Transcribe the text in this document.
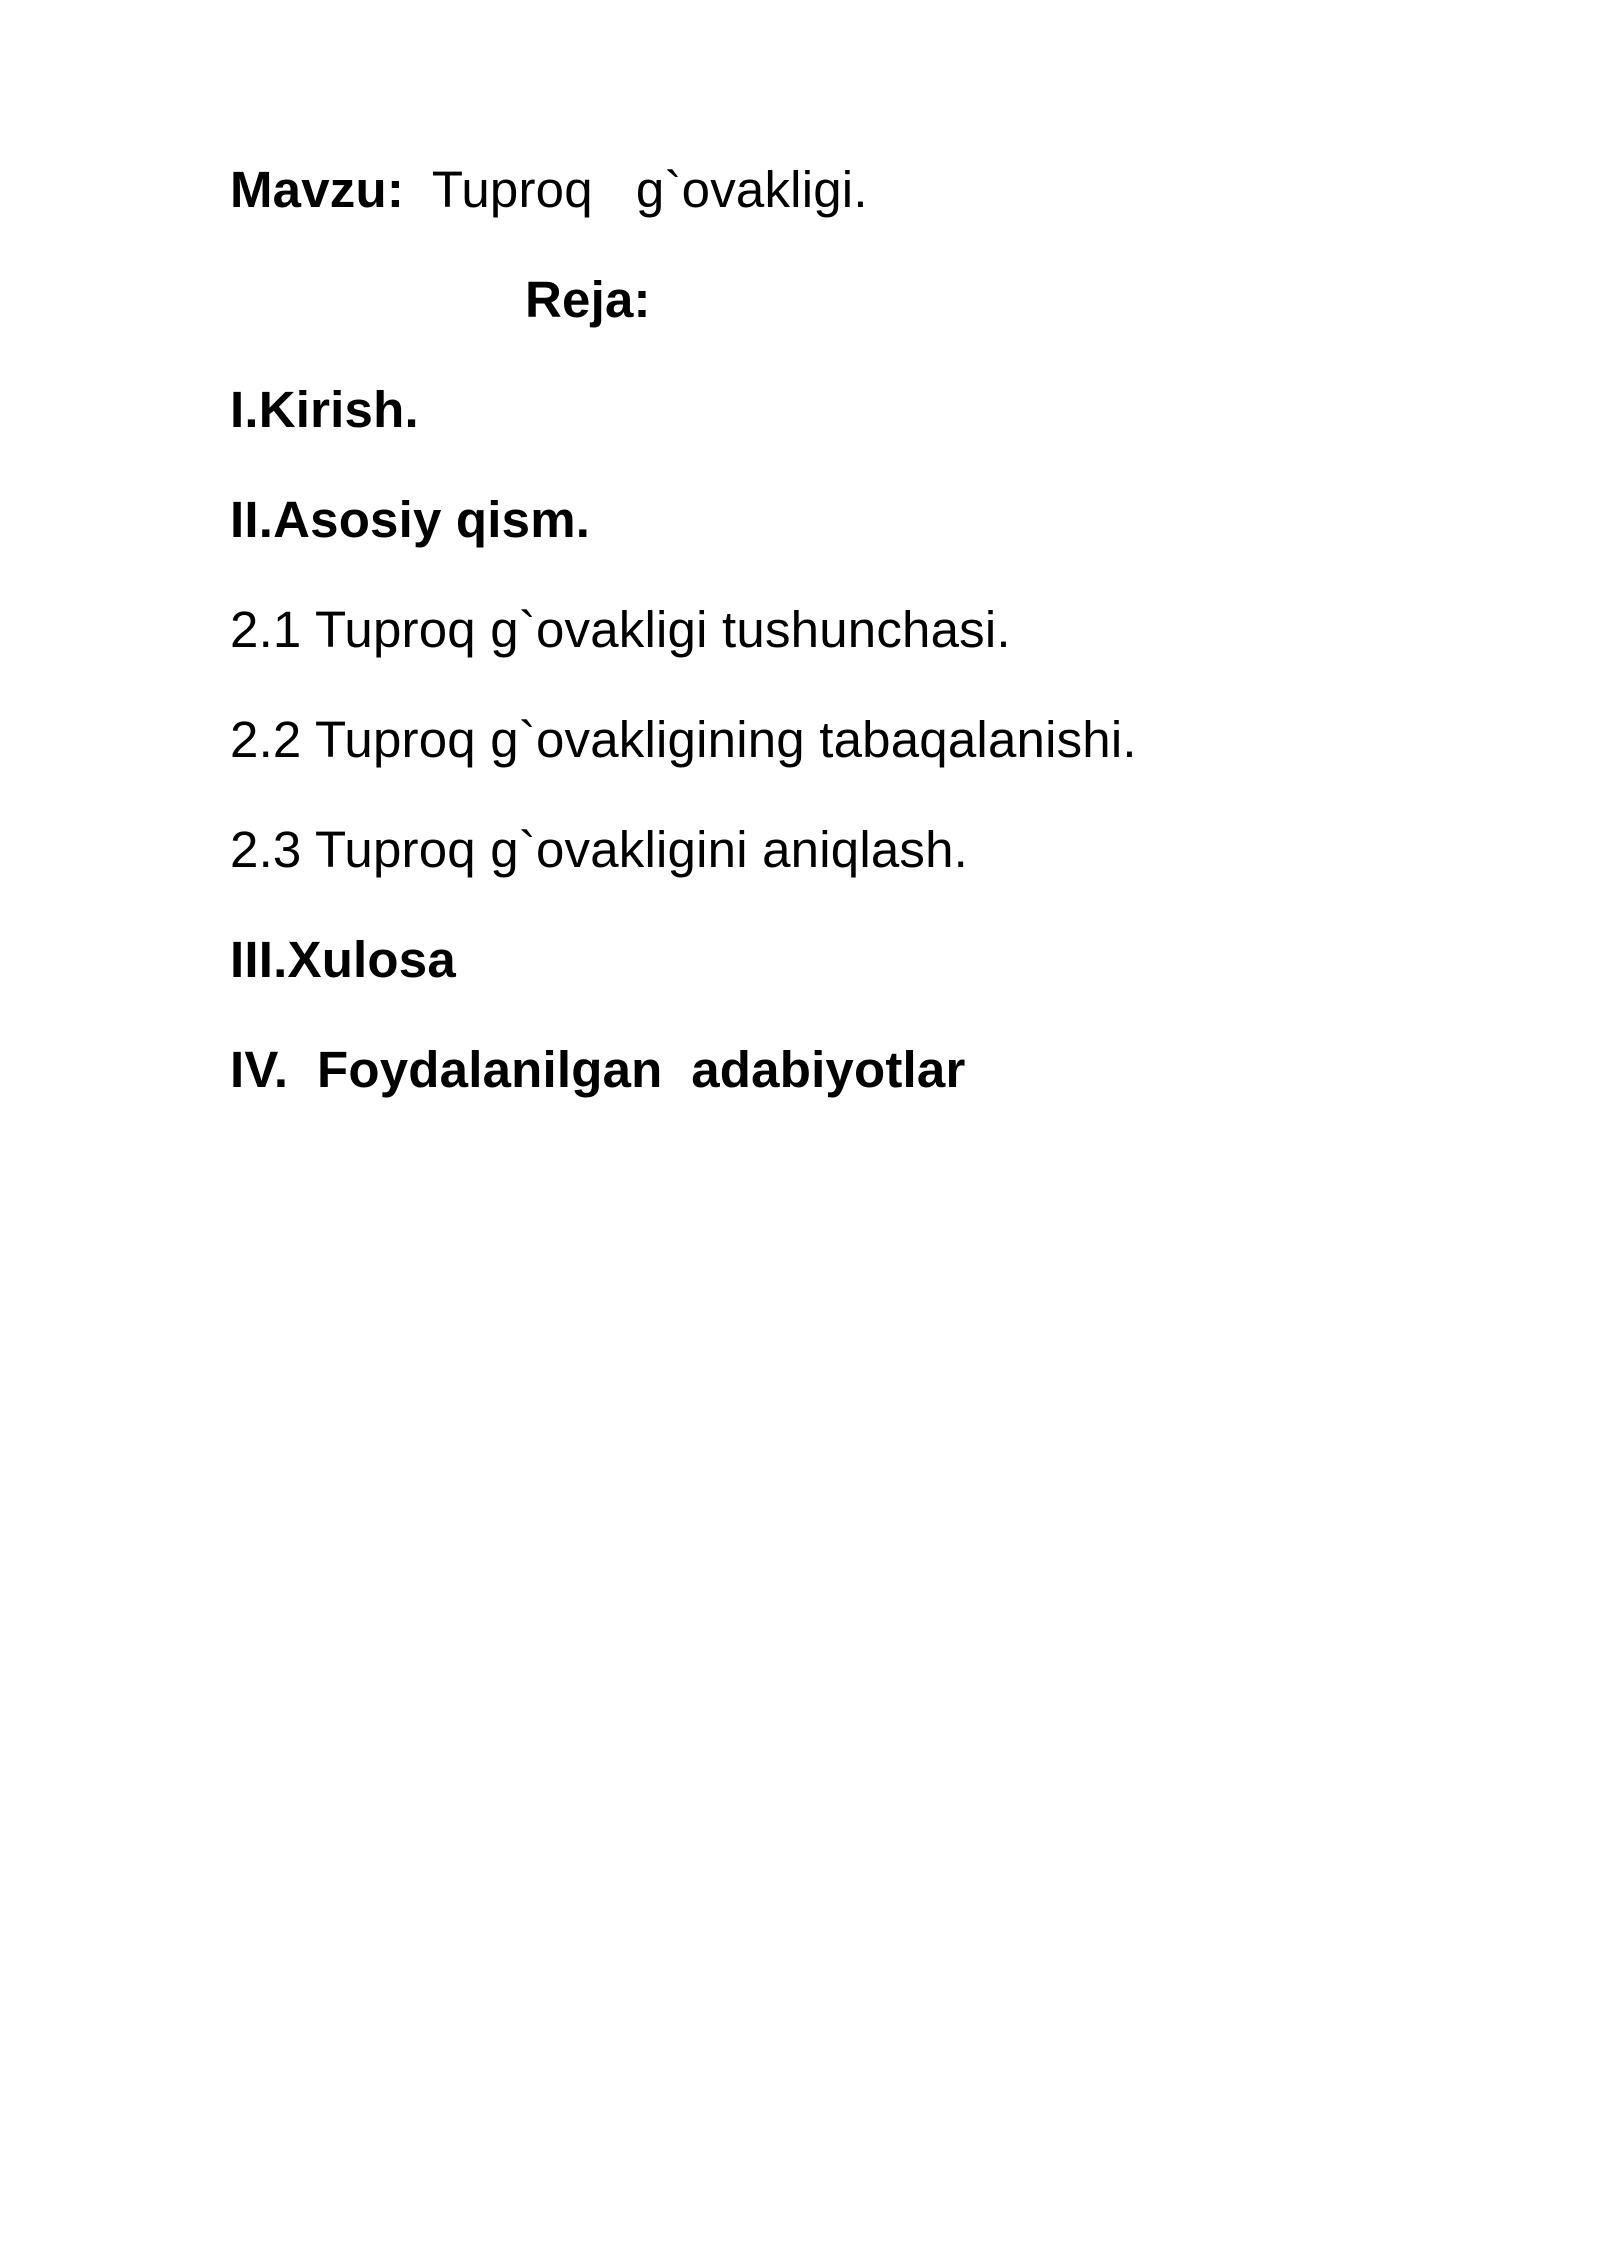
Mavzu:  Tuproq   g`ovakligi.
Reja:
I.Kirish.
II.Asosiy qism.
2.1 Tuproq g`ovakligi tushunchasi.
2.2 Tuproq g`ovakligining tabaqalanishi.
2.3 Tuproq g`ovakligini aniqlash.
III.Xulosa
IV.  Foydalanilgan  adabiyotlar
